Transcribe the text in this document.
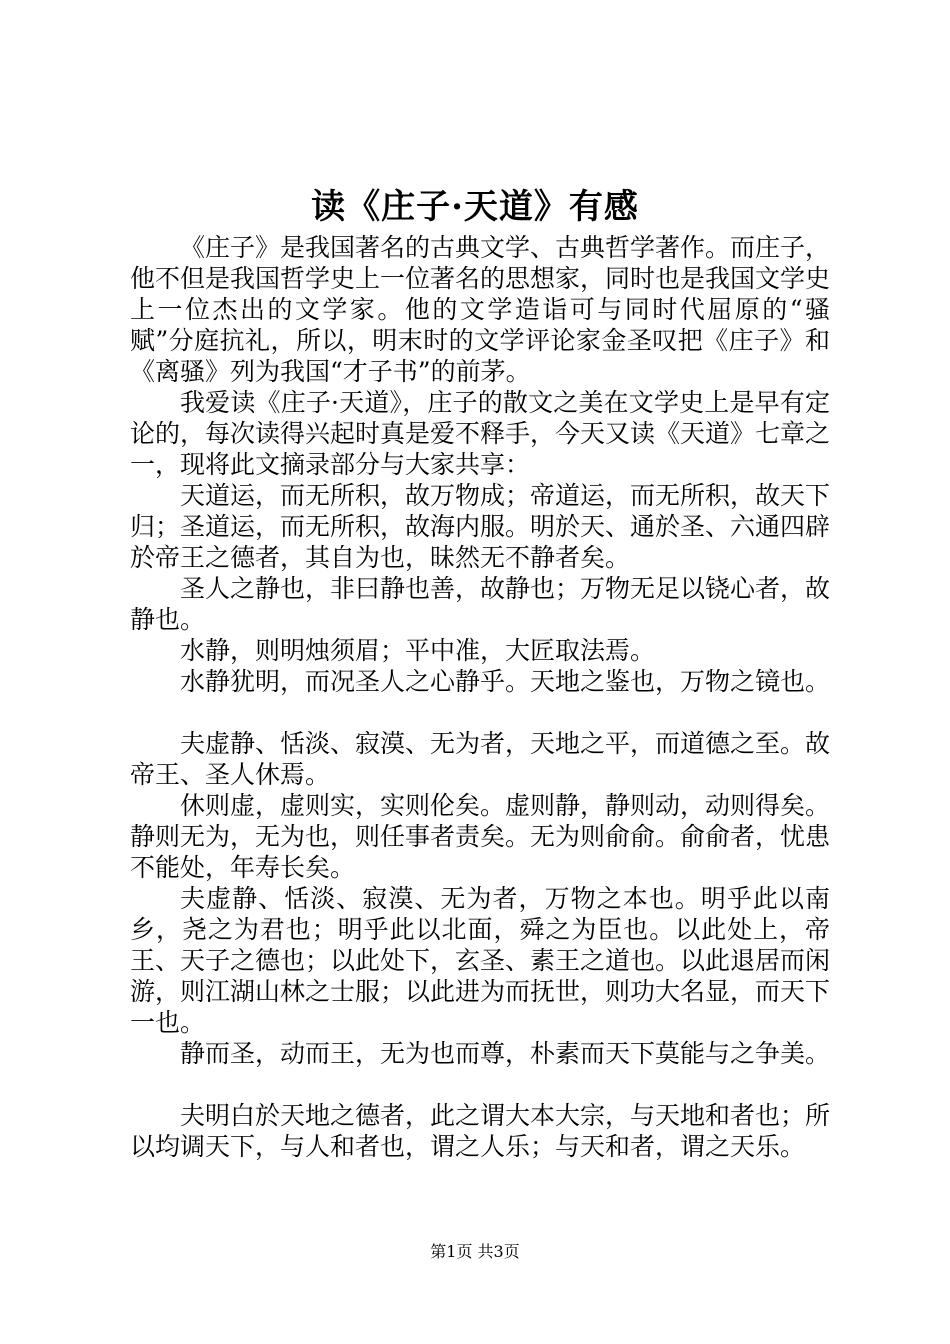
读《庄子·天道》有感

《庄子》是我国著名的古典文学、古典哲学著作。而庄子，他不但是我国哲学史上一位著名的思想家，同时也是我国文学史上一位杰出的文学家。他的文学造诣可与同时代屈原的“骚赋”分庭抗礼，所以，明末时的文学评论家金圣叹把《庄子》和《离骚》列为我国“才子书”的前茅。

我爱读《庄子·天道》，庄子的散文之美在文学史上是早有定论的，每次读得兴起时真是爱不释手，今天又读《天道》七章之一，现将此文摘录部分与大家共享：

天道运，而无所积，故万物成；帝道运，而无所积，故天下归；圣道运，而无所积，故海内服。明於天、通於圣、六通四辟於帝王之德者，其自为也，昧然无不静者矣。

圣人之静也，非曰静也善，故静也；万物无足以铙心者，故静也。

水静，则明烛须眉；平中准，大匠取法焉。

水静犹明，而况圣人之心静乎。天地之鉴也，万物之镜也。

夫虚静、恬淡、寂漠、无为者，天地之平，而道德之至。故帝王、圣人休焉。

休则虚，虚则实，实则伦矣。虚则静，静则动，动则得矣。静则无为，无为也，则任事者责矣。无为则俞俞。俞俞者，忧患不能处，年寿长矣。

夫虚静、恬淡、寂漠、无为者，万物之本也。明乎此以南乡，尧之为君也；明乎此以北面，舜之为臣也。以此处上，帝王、天子之德也；以此处下，玄圣、素王之道也。以此退居而闲游，则江湖山林之士服；以此进为而抚世，则功大名显，而天下一也。

静而圣，动而王，无为也而尊，朴素而天下莫能与之争美。

夫明白於天地之德者，此之谓大本大宗，与天地和者也；所以均调天下，与人和者也，谓之人乐；与天和者，谓之天乐。

第1页 共3页
